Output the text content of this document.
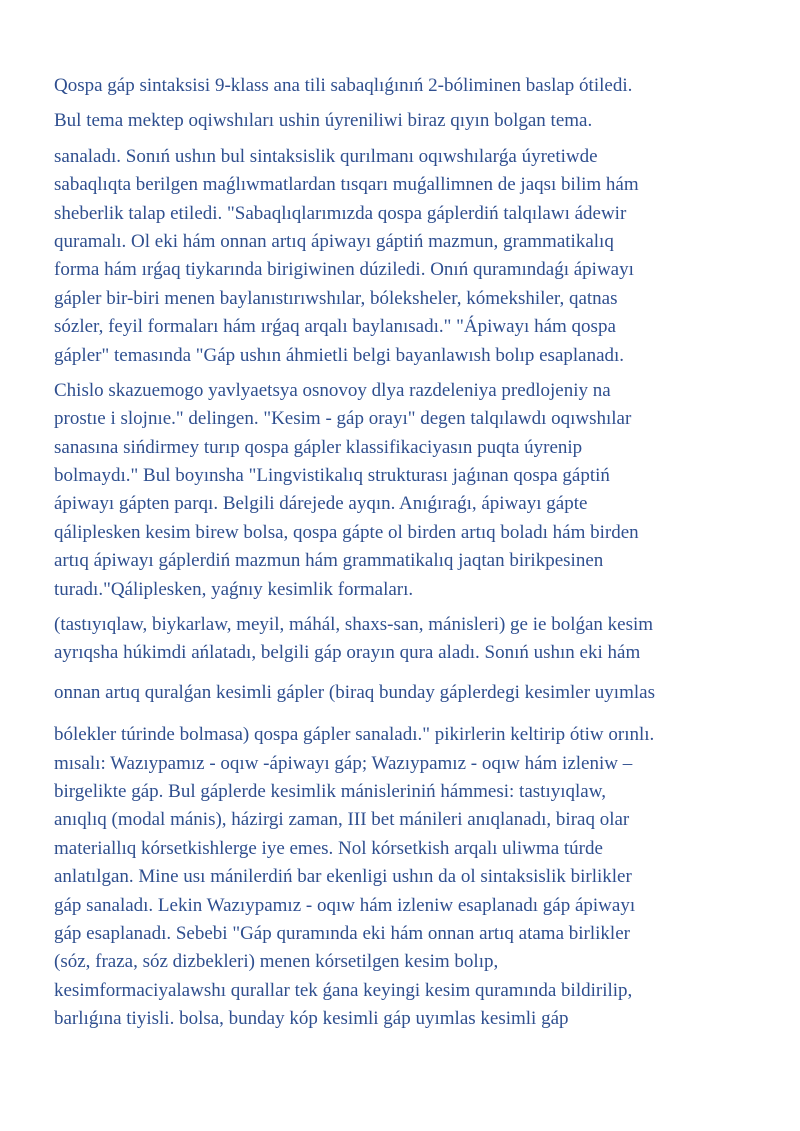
Qospa gáp sintaksisi 9-klass ana tili sabaqlıǵınıń 2-bóliminen baslap ótiledi.
Bul tema mektep oqiwshıları ushin úyreniliwi biraz qıyın bolgan tema.
sanaladı. Sonıń ushın bul sintaksislik qurılmanı oqıwshılarǵa úyretiwde
sabaqlıqta berilgen maǵlıwmatlardan tısqarı muǵallimnen de jaqsı bilim hám
sheberlik talap etiledi. "Sabaqlıqlarımızda qospa gáplerdiń talqılawı ádewir
quramalı. Ol eki hám onnan artıq ápiwayı gáptiń mazmun, grammatikalıq
forma hám ırǵaq tiykarında birigiwinen dúziledi. Onıń quramındaǵı ápiwayı
gápler bir-biri menen baylanıstırıwshılar, bóleksheler, kómekshiler, qatnas
sózler, feyil formaları hám ırǵaq arqalı baylanısadı." "Ápiwayı hám qospa
gápler" temasında "Gáp ushın áhmietli belgi bayanlawısh bolıp esaplanadı.
Chislo skazuemogo yavlyaetsya osnovoy dlya razdeleniya predlojeniy na
prostıe i slojnıe." delingen. "Kesim - gáp orayı" degen talqılawdı oqıwshılar
sanasına sińdirmey turıp qospa gápler klassifikaciyasın puqta úyrenip
bolmaydı." Bul boyınsha "Lingvistikalıq strukturası jaǵınan qospa gáptiń
ápiwayı gápten parqı. Belgili dárejede ayqın. Anıǵıraǵı, ápiwayı gápte
qáliplesken kesim birew bolsa, qospa gápte ol birden artıq boladı hám birden
artıq ápiwayı gáplerdiń mazmun hám grammatikalıq jaqtan birikpesinen
turadı."Qáliplesken, yaǵnıy kesimlik formaları.
(tastıyıqlaw, biykarlaw, meyil, máhál, shaxs-san, mánisleri) ge ie bolǵan kesim
ayrıqsha húkimdi ańlatadı, belgili gáp orayın qura aladı. Sonıń ushın eki hám
onnan artıq quralǵan kesimli gápler (biraq bunday gáplerdegi kesimler uyımlas
bólekler túrinde bolmasa) qospa gápler sanaladı." pikirlerin keltirip ótiw orınlı.
mısalı: Wazıypamız - oqıw -ápiwayı gáp; Wazıypamız - oqıw hám izleniw –
birgelikte gáp. Bul gáplerde kesimlik mánisleriniń hámmesi: tastıyıqlaw,
anıqlıq (modal mánis), házirgi zaman, III bet mánileri anıqlanadı, biraq olar
materiallıq kórsetkishlerge iye emes. Nol kórsetkish arqalı uliwma túrde
anlatılgan. Mine usı mánilerdiń bar ekenligi ushın da ol sintaksislik birlikler
gáp sanaladı. Lekin Wazıypamız - oqıw hám izleniw esaplanadı gáp ápiwayı
gáp esaplanadı. Sebebi "Gáp quramında eki hám onnan artıq atama birlikler
(sóz, fraza, sóz dizbekleri) menen kórsetilgen kesim bolıp,
kesimformaciyalawshı qurallar tek ǵana keyingi kesim quramında bildirilip,
barlıǵına tiyisli. bolsa, bunday kóp kesimli gáp uyımlas kesimli gáp
